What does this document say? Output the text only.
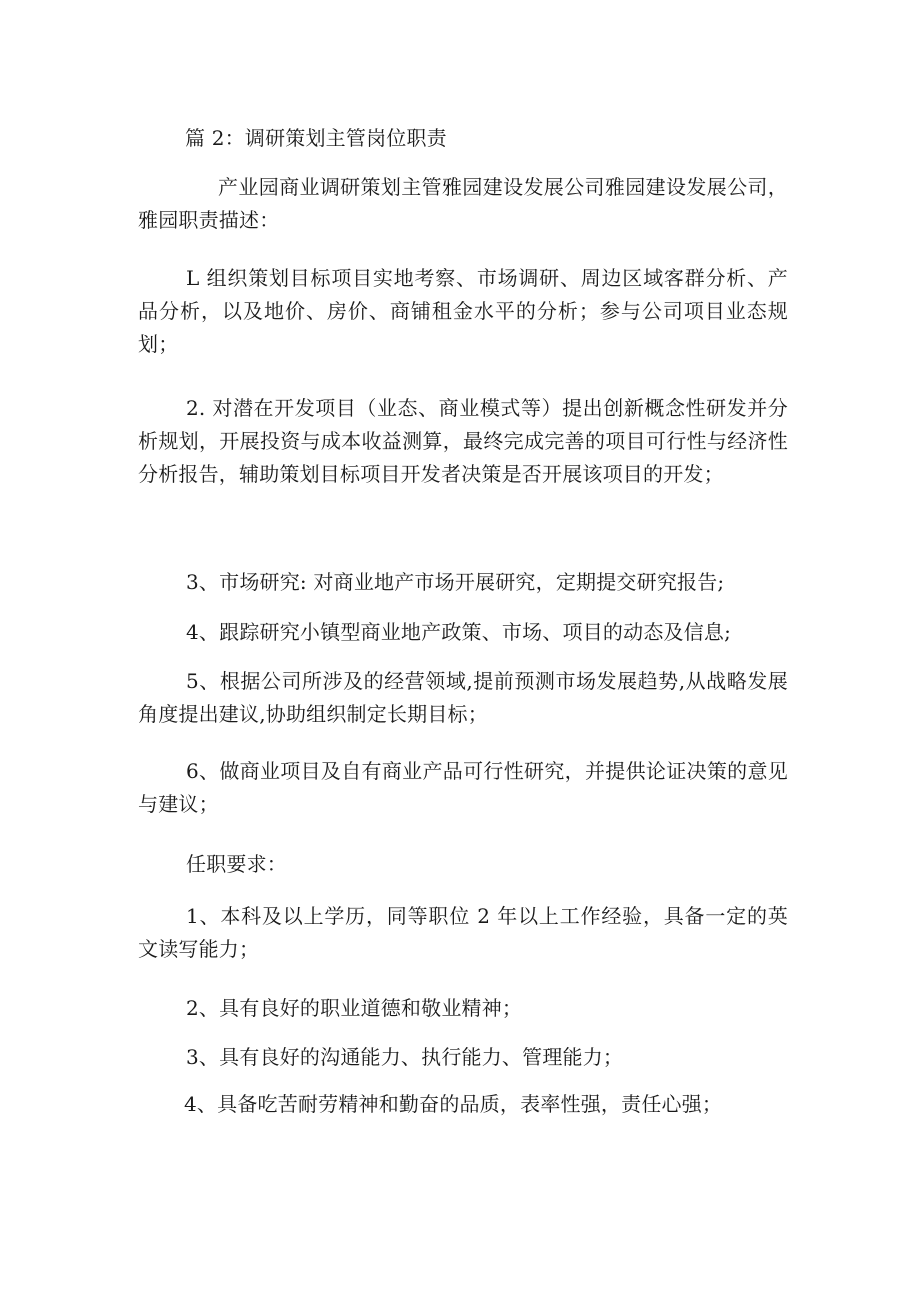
篇 2：调研策划主管岗位职责

产业园商业调研策划主管雅园建设发展公司雅园建设发展公司，雅园职责描述：

L 组织策划目标项目实地考察、市场调研、周边区域客群分析、产品分析，以及地价、房价、商铺租金水平的分析；参与公司项目业态规划；

2. 对潜在开发项目（业态、商业模式等）提出创新概念性研发并分析规划，开展投资与成本收益测算，最终完成完善的项目可行性与经济性分析报告，辅助策划目标项目开发者决策是否开展该项目的开发；

3、市场研究: 对商业地产市场开展研究，定期提交研究报告;

4、跟踪研究小镇型商业地产政策、市场、项目的动态及信息;

5、根据公司所涉及的经营领域,提前预测市场发展趋势,从战略发展角度提出建议,协助组织制定长期目标；

6、做商业项目及自有商业产品可行性研究，并提供论证决策的意见与建议；

任职要求：

1、本科及以上学历，同等职位 2 年以上工作经验，具备一定的英文读写能力；

2、具有良好的职业道德和敬业精神；

3、具有良好的沟通能力、执行能力、管理能力；

4、具备吃苦耐劳精神和勤奋的品质，表率性强，责任心强；
